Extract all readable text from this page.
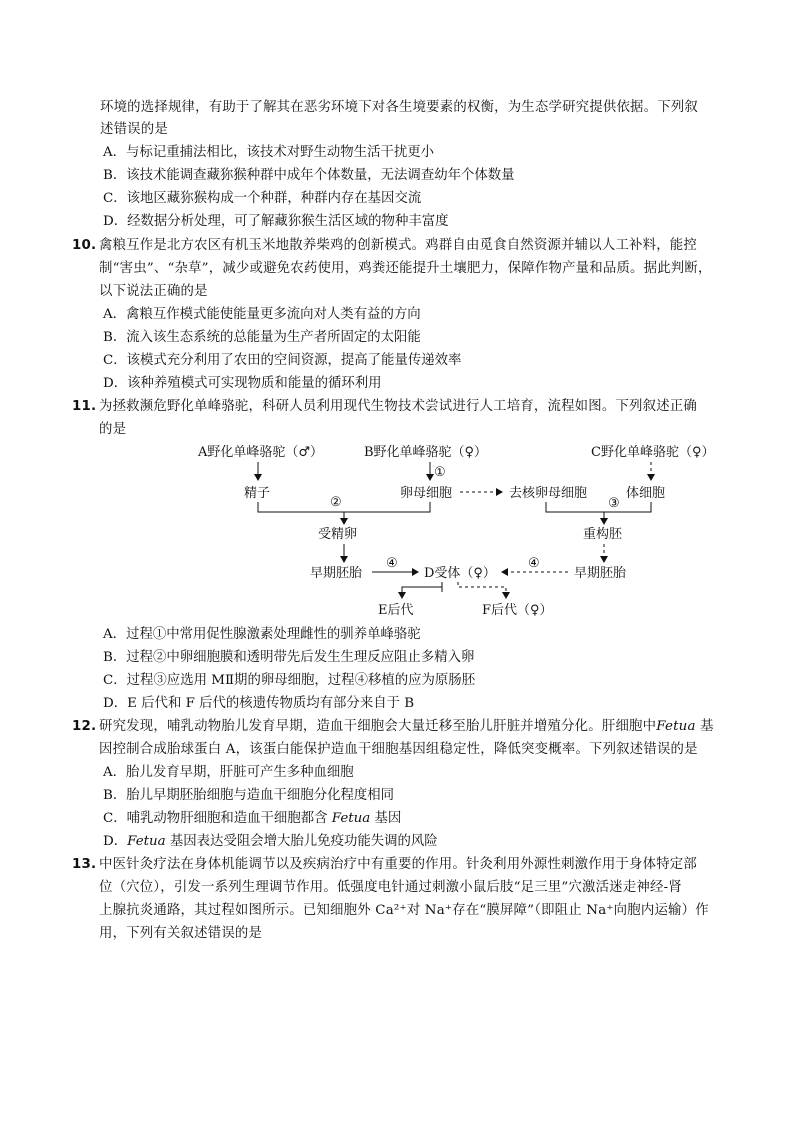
环境的选择规律，有助于了解其在恶劣环境下对各生境要素的权衡，为生态学研究提供依据。下列叙
述错误的是
A．与标记重捕法相比，该技术对野生动物生活干扰更小
B．该技术能调查藏狝猴种群中成年个体数量，无法调查幼年个体数量
C．该地区藏狝猴构成一个种群，种群内存在基因交流
D．经数据分析处理，可了解藏狝猴生活区域的物种丰富度
10. 禽粮互作是北方农区有机玉米地散养柴鸡的创新模式。鸡群自由觅食自然资源并辅以人工补料，能控
制“害虫”、“杂草”，减少或避免农药使用，鸡粪还能提升土壤肥力，保障作物产量和品质。据此判断，
以下说法正确的是
A．禽粮互作模式能使能量更多流向对人类有益的方向
B．流入该生态系统的总能量为生产者所固定的太阳能
C．该模式充分利用了农田的空间资源，提高了能量传递效率
D．该种养殖模式可实现物质和能量的循环利用
11. 为拯救濒危野化单峰骆驼，科研人员利用现代生物技术尝试进行人工培育，流程如图。下列叙述正确
的是
A野化单峰骆驼（♂）	B野化单峰骆驼（♀）	C野化单峰骆驼（♀）
①
精子	卵母细胞	去核卵母细胞	体细胞
②	③
受精卵	重构胚
早期胚胎
④
D受体（♀）
④
早期胚胎
E后代	F后代（♀）
A．过程①中常用促性腺激素处理雌性的驯养单峰骆驼
B．过程②中卵细胞膜和透明带先后发生生理反应阻止多精入卵
C．过程③应选用 MⅡ期的卵母细胞，过程④移植的应为原肠胚
D．E 后代和 F 后代的核遗传物质均有部分来自于 B
12. 研究发现，哺乳动物胎儿发育早期，造血干细胞会大量迁移至胎儿肝脏并增殖分化。肝细胞中Fetua 基
因控制合成胎球蛋白 A，该蛋白能保护造血干细胞基因组稳定性，降低突变概率。下列叙述错误的是
A．胎儿发育早期，肝脏可产生多种血细胞
B．胎儿早期胚胎细胞与造血干细胞分化程度相同
C．哺乳动物肝细胞和造血干细胞都含 Fetua 基因
D．Fetua 基因表达受阻会增大胎儿免疫功能失调的风险
13. 中医针灸疗法在身体机能调节以及疾病治疗中有重要的作用。针灸利用外源性刺激作用于身体特定部
位（穴位），引发一系列生理调节作用。低强度电针通过刺激小鼠后肢“足三里”穴激活迷走神经-肾
上腺抗炎通路，其过程如图所示。已知细胞外 Ca²⁺对 Na⁺存在“膜屏障”（即阻止 Na⁺向胞内运输）作
用，下列有关叙述错误的是
